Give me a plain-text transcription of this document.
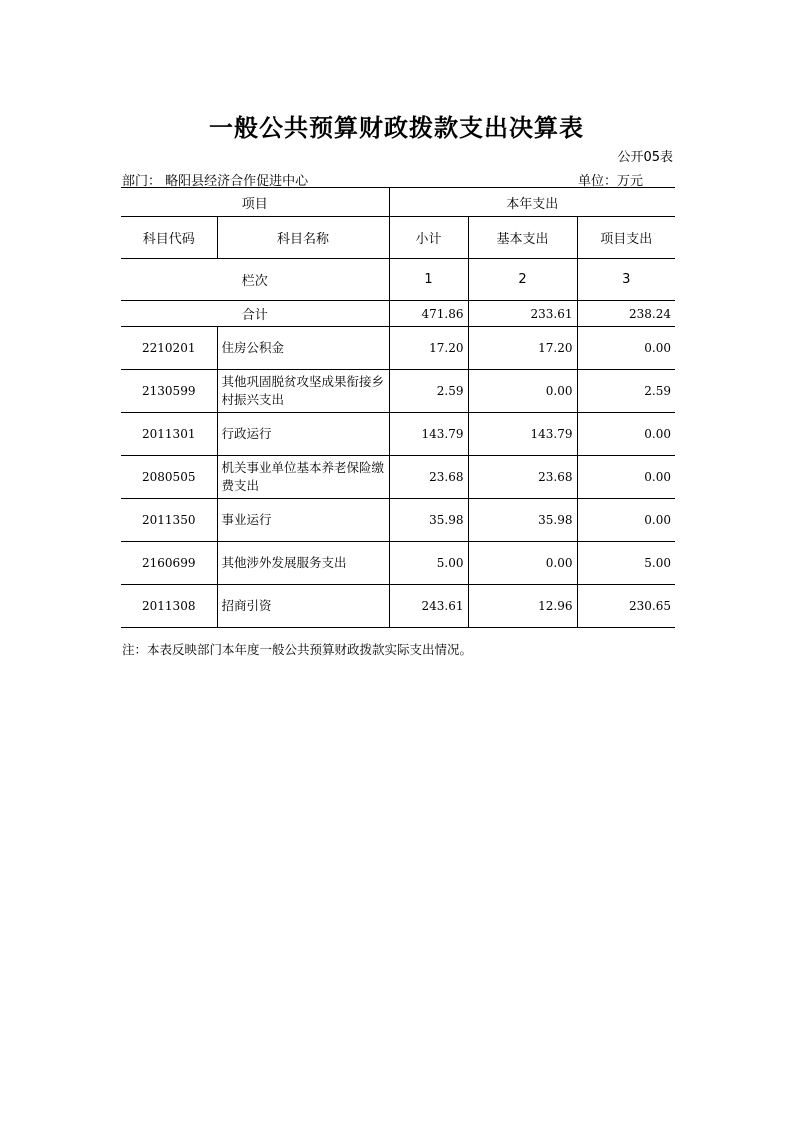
一般公共预算财政拨款支出决算表
公开05表
部门： 略阳县经济合作促进中心	单位：万元
项目		本年支出		
科目代码	科目名称	小计	基本支出	项目支出
栏次		1	2	3
合计		471.86	233.61	238.24
2210201	住房公积金	17.20	17.20	0.00
2130599	其他巩固脱贫攻坚成果衔接乡村振兴支出	2.59	0.00	2.59
2011301	行政运行	143.79	143.79	0.00
2080505	机关事业单位基本养老保险缴费支出	23.68	23.68	0.00
2011350	事业运行	35.98	35.98	0.00
2160699	其他涉外发展服务支出	5.00	0.00	5.00
2011308	招商引资	243.61	12.96	230.65
注：本表反映部门本年度一般公共预算财政拨款实际支出情况。
